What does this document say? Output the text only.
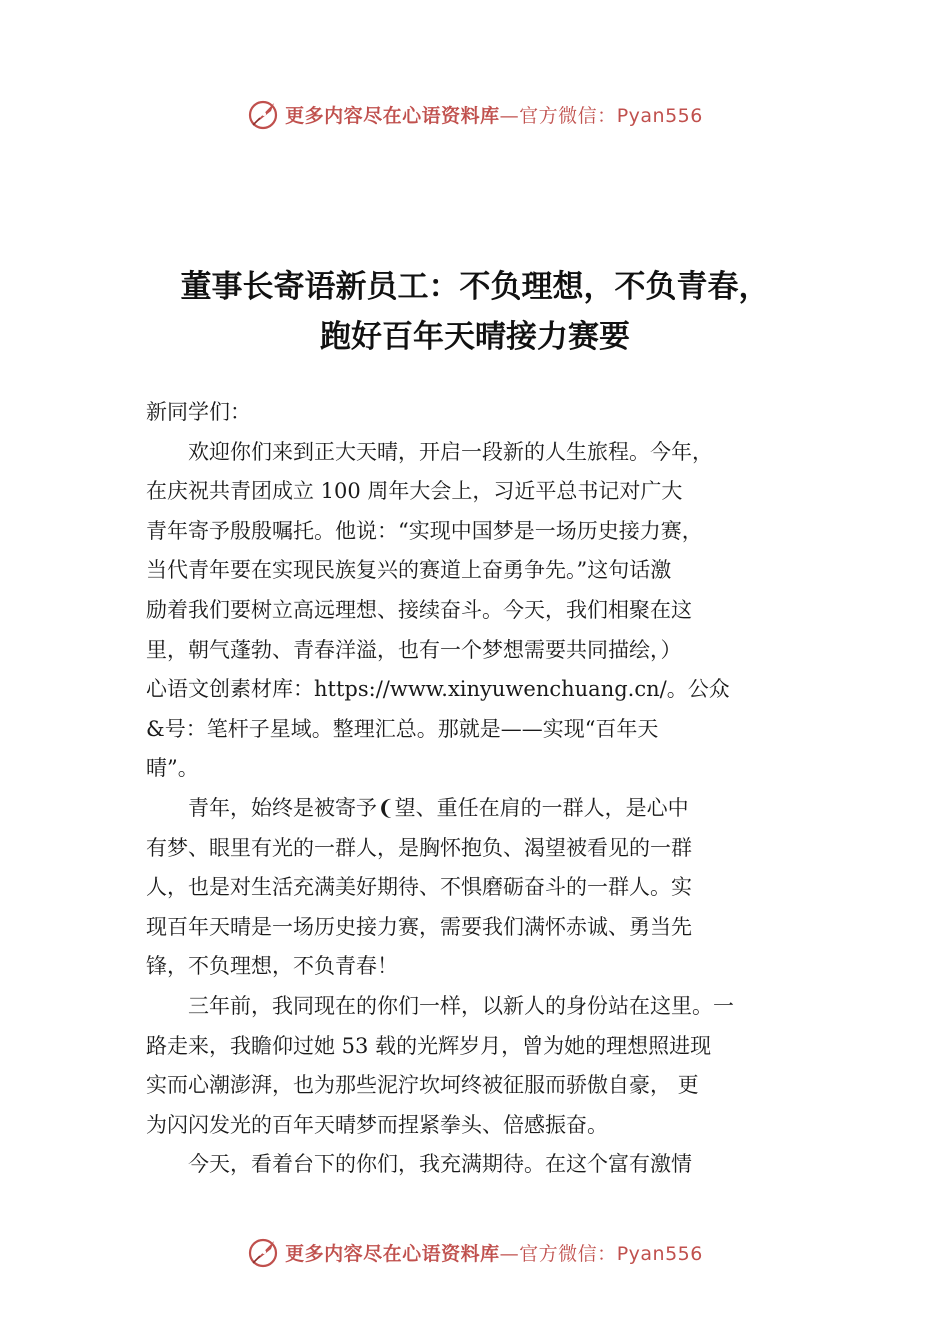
更多内容尽在心语资料库—官方微信：Pyan556
董事长寄语新员工：不负理想，不负青春，
跑好百年天晴接力赛要
新同学们：
　　欢迎你们来到正大天晴，开启一段新的人生旅程。今年，
在庆祝共青团成立 100 周年大会上，习近平总书记对广大
青年寄予殷殷嘱托。他说：“实现中国梦是一场历史接力赛，
当代青年要在实现民族复兴的赛道上奋勇争先。”这句话激
励着我们要树立高远理想、接续奋斗。今天，我们相聚在这
里，朝气蓬勃、青春洋溢，也有一个梦想需要共同描绘，）
心语文创素材库：https://www.xinyuwenchuang.cn/。公众
&号：笔杆子星域。整理汇总。那就是——实现“百年天
晴”。
　　青年，始终是被寄予❨望、重任在肩的一群人，是心中
有梦、眼里有光的一群人，是胸怀抱负、渴望被看见的一群
人，也是对生活充满美好期待、不惧磨砺奋斗的一群人。实
现百年天晴是一场历史接力赛，需要我们满怀赤诚、勇当先
锋，不负理想，不负青春！
　　三年前，我同现在的你们一样，以新人的身份站在这里。一
路走来，我瞻仰过她 53 载的光辉岁月，曾为她的理想照进现
实而心潮澎湃，也为那些泥泞坎坷终被征服而骄傲自豪， 更
为闪闪发光的百年天晴梦而捏紧拳头、倍感振奋。
　　今天，看着台下的你们，我充满期待。在这个富有激情
更多内容尽在心语资料库—官方微信：Pyan556
